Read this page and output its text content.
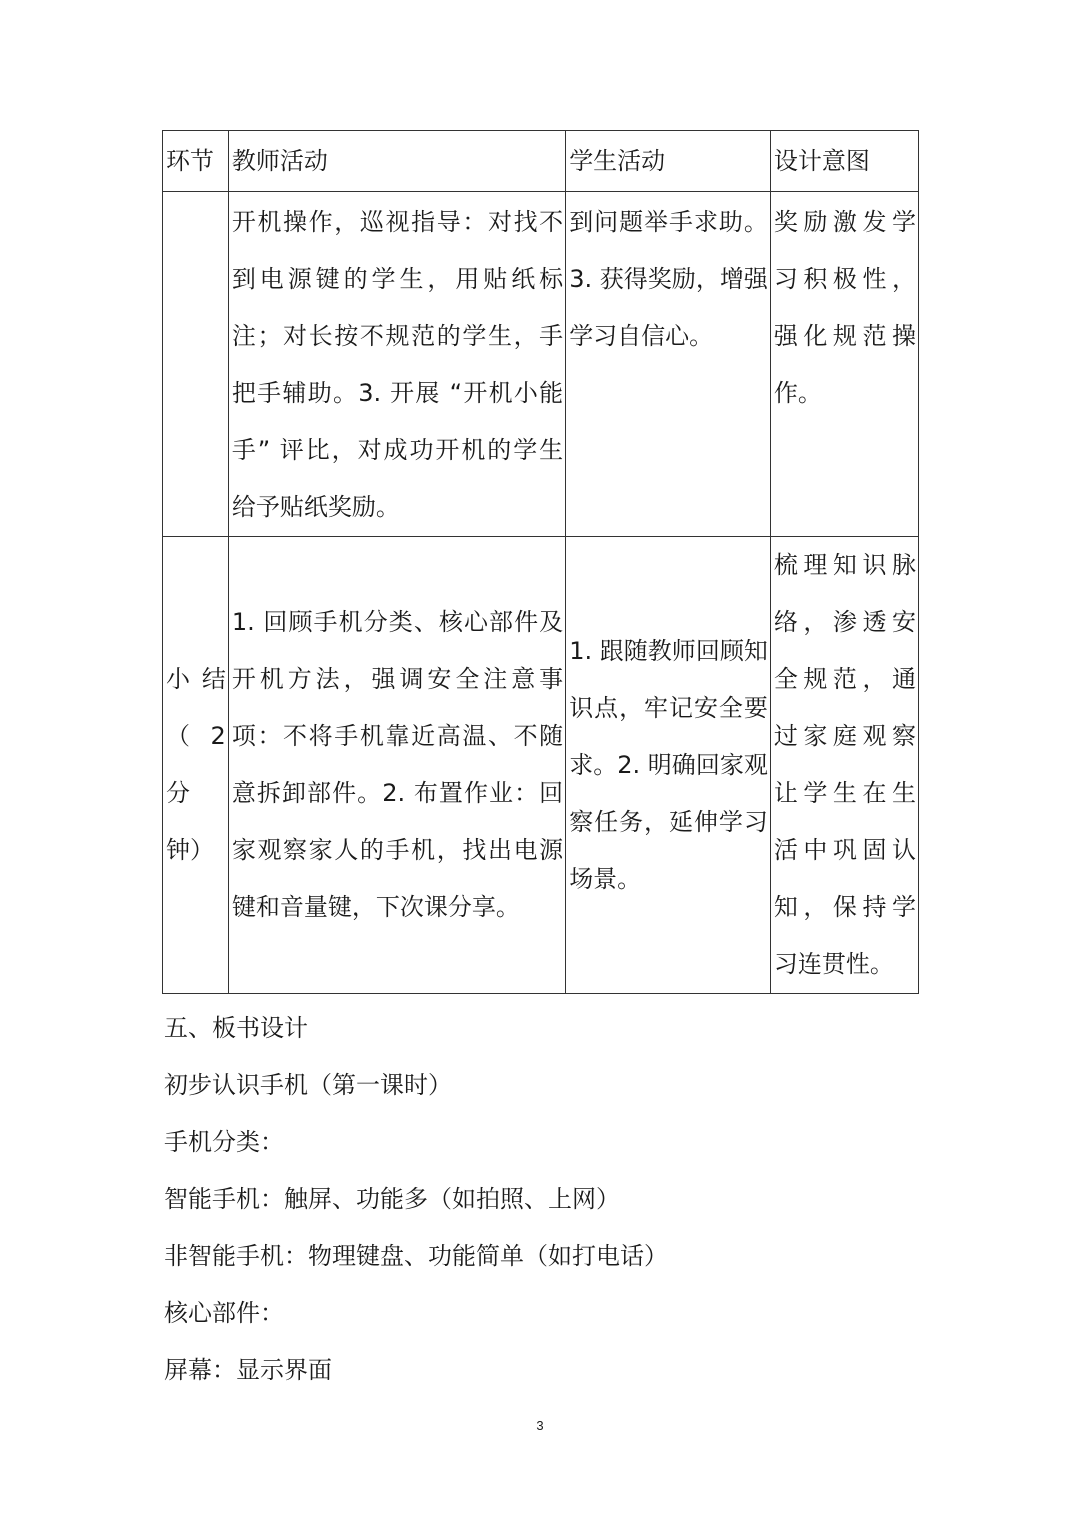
环节	教师活动	学生活动	设计意图
	开机操作，巡视指导：对找不到电源键的学生，用贴纸标注；对长按不规范的学生，手把手辅助。3. 开展 “开机小能手” 评比，对成功开机的学生给予贴纸奖励。	到问题举手求助。3. 获得奖励，增强学习自信心。	奖励激发学习积极性，强化规范操作。
小结（2分钟）	1. 回顾手机分类、核心部件及开机方法，强调安全注意事项：不将手机靠近高温、不随意拆卸部件。2. 布置作业：回家观察家人的手机，找出电源键和音量键，下次课分享。	1. 跟随教师回顾知识点，牢记安全要求。2. 明确回家观察任务，延伸学习场景。	梳理知识脉络，渗透安全规范，通过家庭观察让学生在生活中巩固认知，保持学习连贯性。
五、板书设计
初步认识手机（第一课时）
手机分类：
智能手机：触屏、功能多（如拍照、上网）
非智能手机：物理键盘、功能简单（如打电话）
核心部件：
屏幕：显示界面
3
